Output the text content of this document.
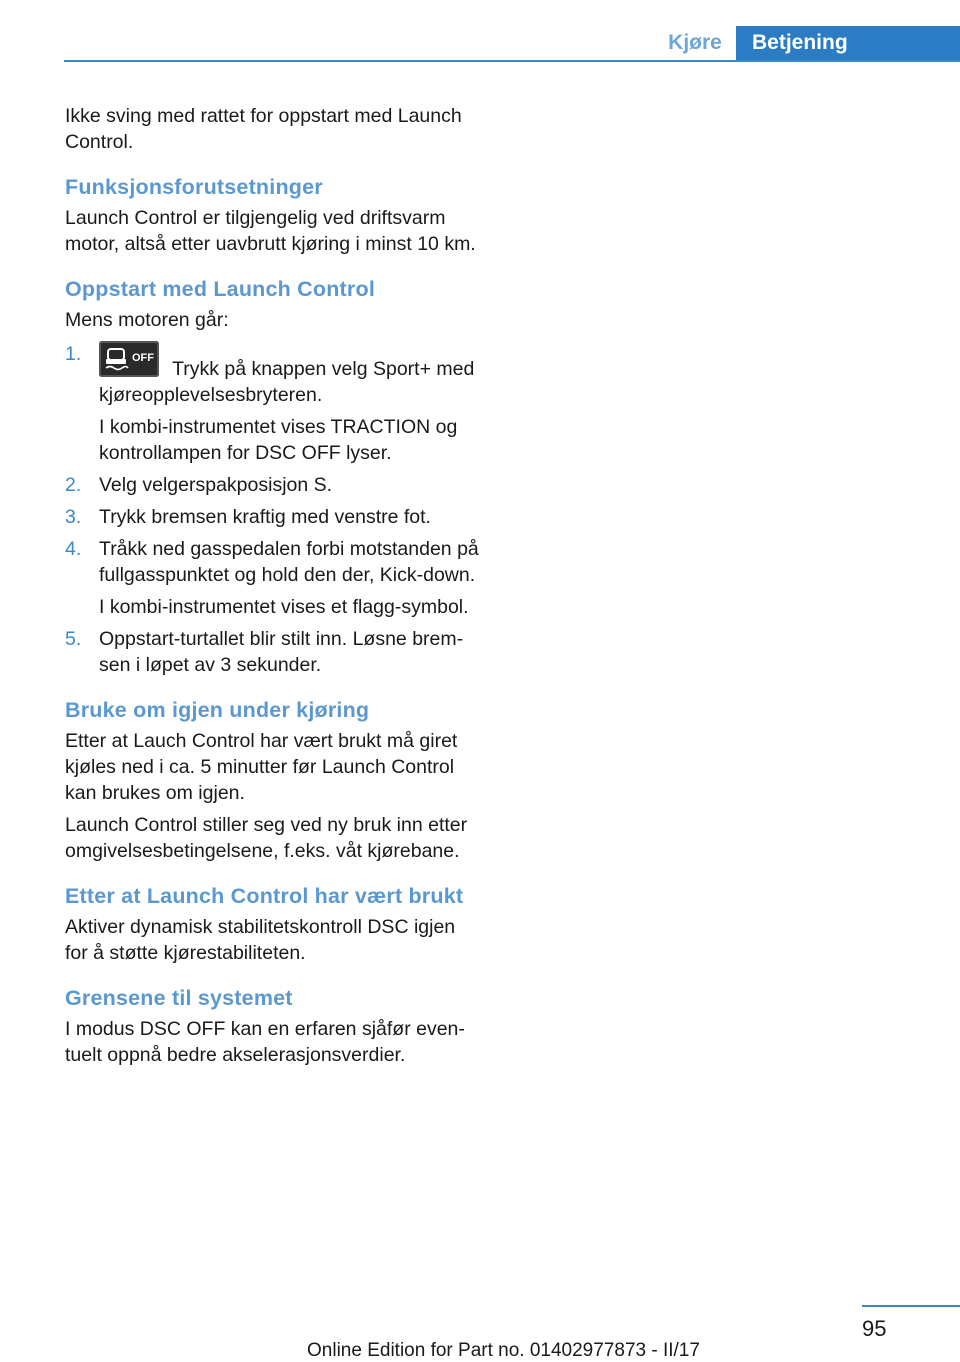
Kjøre	Betjening

Ikke sving med rattet for oppstart med Launch Control.

Funksjonsforutsetninger

Launch Control er tilgjengelig ved driftsvarm motor, altså etter uavbrutt kjøring i minst 10 km.

Oppstart med Launch Control

Mens motoren går:

1.	OFF Trykk på knappen velg Sport+ med kjøreopplevelsesbryteren.
I kombi-instrumentet vises TRACTION og kontrollampen for DSC OFF lyser.
2. Velg velgerspakposisjon S.
3. Trykk bremsen kraftig med venstre fot.
4. Tråkk ned gasspedalen forbi motstanden på fullgasspunktet og hold den der, Kick-down.
I kombi-instrumentet vises et flagg-symbol.
5. Oppstart-turtallet blir stilt inn. Løsne bremsen i løpet av 3 sekunder.
Bruke om igjen under kjøring

Etter at Lauch Control har vært brukt må giret kjøles ned i ca. 5 minutter før Launch Control kan brukes om igjen.

Launch Control stiller seg ved ny bruk inn etter omgivelsesbetingelsene, f.eks. våt kjørebane.

Etter at Launch Control har vært brukt

Aktiver dynamisk stabilitetskontroll DSC igjen for å støtte kjørestabiliteten.

Grensene til systemet

I modus DSC OFF kan en erfaren sjåfør eventuelt oppnå bedre akselerasjonsverdier.

95
Online Edition for Part no. 01402977873 - II/17
